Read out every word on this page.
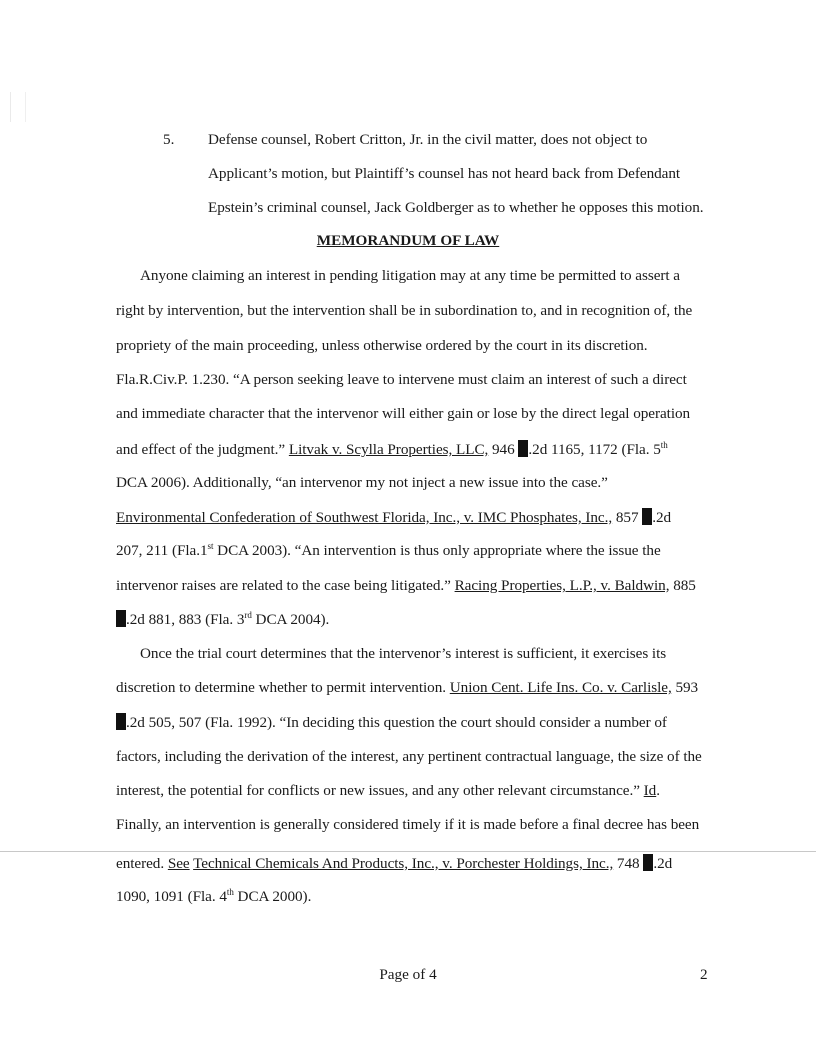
5. Defense counsel, Robert Critton, Jr. in the civil matter, does not object to
Applicant’s motion, but Plaintiff’s counsel has not heard back from Defendant
Epstein’s criminal counsel, Jack Goldberger as to whether he opposes this motion.
MEMORANDUM OF LAW
Anyone claiming an interest in pending litigation may at any time be permitted to assert a
right by intervention, but the intervention shall be in subordination to, and in recognition of, the
propriety of the main proceeding, unless otherwise ordered by the court in its discretion.
Fla.R.Civ.P. 1.230. “A person seeking leave to intervene must claim an interest of such a direct
and immediate character that the intervenor will either gain or lose by the direct legal operation
and effect of the judgment.” Litvak v. Scylla Properties, LLC, 946 .2d 1165, 1172 (Fla. 5th
DCA 2006). Additionally, “an intervenor my not inject a new issue into the case.”
Environmental Confederation of Southwest Florida, Inc., v. IMC Phosphates, Inc., 857 .2d
207, 211 (Fla.1st DCA 2003). “An intervention is thus only appropriate where the issue the
intervenor raises are related to the case being litigated.” Racing Properties, L.P., v. Baldwin, 885
.2d 881, 883 (Fla. 3rd DCA 2004).
Once the trial court determines that the intervenor’s interest is sufficient, it exercises its
discretion to determine whether to permit intervention. Union Cent. Life Ins. Co. v. Carlisle, 593
.2d 505, 507 (Fla. 1992). “In deciding this question the court should consider a number of
factors, including the derivation of the interest, any pertinent contractual language, the size of the
interest, the potential for conflicts or new issues, and any other relevant circumstance.” Id.
Finally, an intervention is generally considered timely if it is made before a final decree has been
entered. See Technical Chemicals And Products, Inc., v. Porchester Holdings, Inc., 748 .2d
1090, 1091 (Fla. 4th DCA 2000).
Page of 4	2
